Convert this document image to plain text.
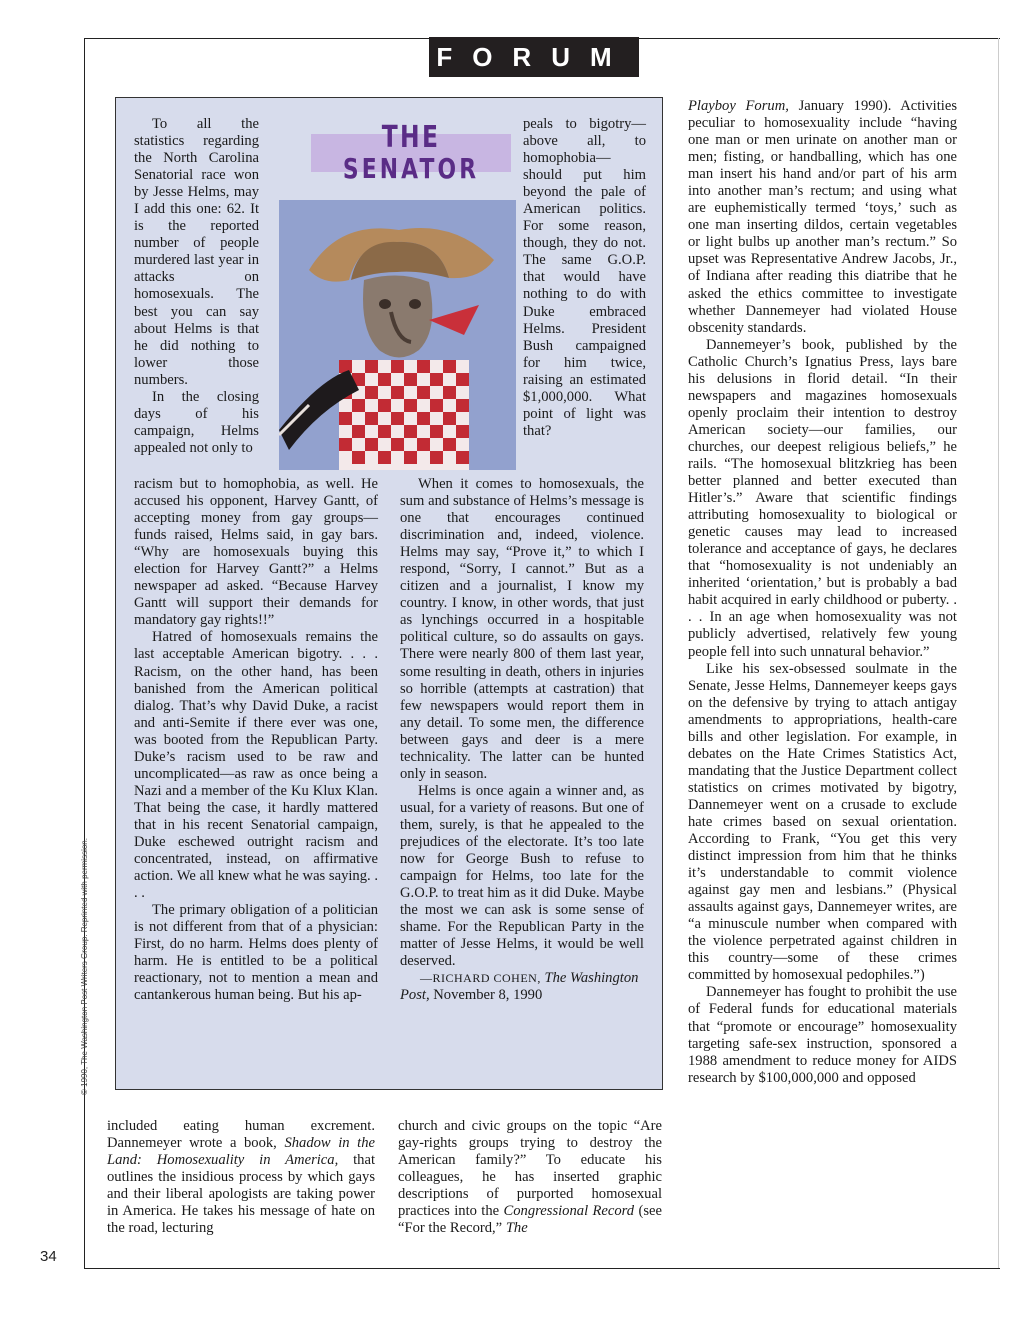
FORUM
THE
SENATOR

To all the statistics regarding the North Carolina Senatorial race won by Jesse Helms, may I add this one: 62. It is the reported number of people murdered last year in attacks on homosexuals. The best you can say about Helms is that he did nothing to lower those numbers.

In the closing days of his campaign, Helms appealed not only to

racism but to homophobia, as well. He accused his opponent, Harvey Gantt, of accepting money from gay groups—funds raised, Helms said, in gay bars. “Why are homosexuals buying this election for Harvey Gantt?” a Helms newspaper ad asked. “Because Harvey Gantt will support their demands for mandatory gay rights!!”

Hatred of homosexuals remains the last acceptable American bigotry. . . . Racism, on the other hand, has been banished from the American political dialog. That’s why David Duke, a racist and anti-Semite if there ever was one, was booted from the Republican Party. Duke’s racism used to be raw and uncomplicated—as raw as once being a Nazi and a member of the Ku Klux Klan. That being the case, it hardly mattered that in his recent Senatorial campaign, Duke eschewed outright racism and concentrated, instead, on affirmative action. We all knew what he was saying. . . .

The primary obligation of a politician is not different from that of a physician: First, do no harm. Helms does plenty of harm. He is entitled to be a political reactionary, not to mention a mean and cantankerous human being. But his ap-

peals to bigotry—above all, to homophobia—should put him beyond the pale of American politics. For some reason, though, they do not. The same G.O.P. that would have nothing to do with Duke embraced Helms. President Bush campaigned for him twice, raising an estimated $1,000,000. What point of light was that?

When it comes to homosexuals, the sum and substance of Helms’s message is one that encourages continued discrimination and, indeed, violence. Helms may say, “Prove it,” to which I respond, “Sorry, I cannot.” But as a citizen and a journalist, I know my country. I know, in other words, that just as lynchings occurred in a hospitable political culture, so do assaults on gays. There were nearly 800 of them last year, some resulting in death, others in injuries so horrible (attempts at castration) that few newspapers would report them in any detail. To some men, the difference between gays and deer is a mere technicality. The latter can be hunted only in season.

Helms is once again a winner and, as usual, for a variety of reasons. But one of them, surely, is that he appealed to the prejudices of the electorate. It’s too late now for George Bush to refuse to campaign for Helms, too late for the G.O.P. to treat him as it did Duke. Maybe the most we can ask is some sense of shame. For the Republican Party in the matter of Jesse Helms, it would be well deserved.

—RICHARD COHEN, The Washington Post, November 8, 1990

included eating human excrement. Dannemeyer wrote a book, Shadow in the Land: Homosexuality in America, that outlines the insidious process by which gays and their liberal apologists are taking power in America. He takes his message of hate on the road, lecturing

church and civic groups on the topic “Are gay-rights groups trying to destroy the American family?” To educate his colleagues, he has inserted graphic descriptions of purported homosexual practices into the Congressional Record (see “For the Record,” The

Playboy Forum, January 1990). Activities peculiar to homosexuality include “having one man or men urinate on another man or men; fisting, or handballing, which has one man insert his hand and/or part of his arm into another man’s rectum; and using what are euphemistically termed ‘toys,’ such as one man inserting dildos, certain vegetables or light bulbs up another man’s rectum.” So upset was Representative Andrew Jacobs, Jr., of Indiana after reading this diatribe that he asked the ethics committee to investigate whether Dannemeyer had violated House obscenity standards.

Dannemeyer’s book, published by the Catholic Church’s Ignatius Press, lays bare his delusions in florid detail. “In their newspapers and magazines homosexuals openly proclaim their intention to destroy American society—our families, our churches, our deepest religious beliefs,” he rails. “The homosexual blitzkrieg has been better planned and better executed than Hitler’s.” Aware that scientific findings attributing homosexuality to biological or genetic causes may lead to increased tolerance and acceptance of gays, he declares that “homosexuality is not undeniably an inherited ‘orientation,’ but is probably a bad habit acquired in early childhood or puberty. . . . In an age when homosexuality was not publicly advertised, relatively few young people fell into such unnatural behavior.”

Like his sex-obsessed soulmate in the Senate, Jesse Helms, Dannemeyer keeps gays on the defensive by trying to attach antigay amendments to appropriations, health-care bills and other legislation. For example, in debates on the Hate Crimes Statistics Act, mandating that the Justice Department collect statistics on crimes motivated by bigotry, Dannemeyer went on a crusade to exclude hate crimes based on sexual orientation. According to Frank, “You get this very distinct impression from him that he thinks it’s understandable to commit violence against gay men and lesbians.” (Physical assaults against gays, Dannemeyer writes, are “a minuscule number when compared with the violence perpetrated against children in this country—some of these crimes committed by homosexual pedophiles.”)

Dannemeyer has fought to prohibit the use of Federal funds for educational materials that “promote or encourage” homosexuality targeting safe-sex instruction, sponsored a 1988 amendment to reduce money for AIDS research by $100,000,000 and opposed

© 1990, The Washington Post Writers Group. Reprinted with permission.
34
